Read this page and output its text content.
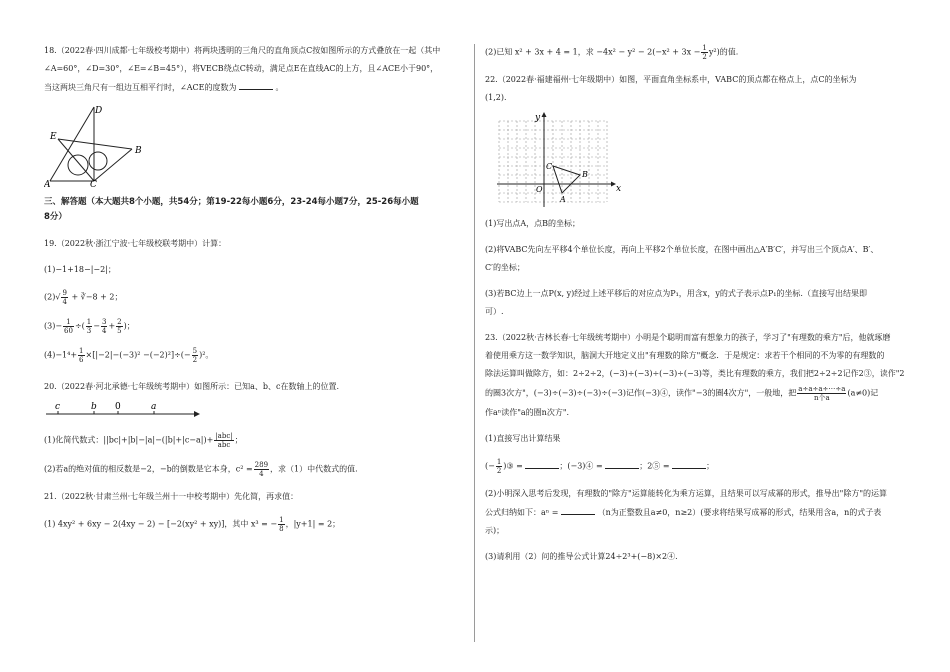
18.（2022春·四川成都·七年级校考期中）将两块透明的三角尺的直角顶点C按如图所示的方式叠放在一起（其中

∠A=60°，∠D=30°，∠E=∠B=45°），将VECB绕点C转动，满足点E在直线AC的上方，且∠ACE小于90°，

当这两块三角尺有一组边互相平行时，∠ACE的度数为	。

D
E
B
A	C

三、解答题（本大题共8个小题，共54分；第19-22每小题6分，23-24每小题7分，25-26每小题

8分）

19.（2022秋·浙江宁波·七年级校联考期中）计算：

(1)−1+18−|−2|；

$(2)√ \frac{9}{4}$ + ∛−8 + 2；

$(3)- \frac{1}{60}$ ÷( $\frac{1}{3} - \frac{3}{4} + \frac{2}{5}$ )；

$(4)-1^4+ \frac{1}{6} \times[|-2|-(-3)^2 -(-2)^2]\div(- \frac{5}{2} )^2$。

20.（2022春·河北承德·七年级统考期中）如图所示：已知a、b、c在数轴上的位置.

c	b 0	a

(1)化简代数式：$||bc|+|b|-|a|-(|b|+|c-a|)+ \frac{\text{|abc|}}{\text{abc}}$ ；

(2)若a的绝对值的相反数是−2，−b的倒数是它本身，$c^2 = \frac{289}{4}$ ，求（1）中代数式的值.

21.（2022秋·甘肃兰州·七年级兰州十一中校考期中）先化简，再求值：

(1) 4xy² + 6xy − 2(4xy − 2) − [−2(xy² + xy)]，其中 x³ = − $\frac{1}{8}$ ，|y+1| = 2；

(2)已知 x² + 3x + 4 = 1，求 $-4x^2 - y^2 - 2(-x^2 + 3x - \frac{1}{2} y^2)$的值.

22.（2022春·福建福州·七年级期中）如图，平面直角坐标系中，VABC的顶点都在格点上，点C的坐标为

(1,2).

y
x
O
A
B
C

(1)写出点A，点B的坐标；

(2)将VABC先向左平移4个单位长度，再向上平移2个单位长度，在图中画出△A′B′C′，并写出三个顶点A′、B′、

C′的坐标；

(3)若BC边上一点P(x, y)经过上述平移后的对应点为P₁，用含x，y的式子表示点P₁的坐标.（直接写出结果即

可）.

23.（2022秋·吉林长春·七年级统考期中）小明是个聪明而富有想象力的孩子，学习了"有理数的乘方"后，他就琢磨

着使用乘方这一数学知识，脑洞大开地定义出"有理数的除方"概念．于是规定：求若干个相同的不为零的有理数的

除法运算叫做除方，如：2÷2÷2，(−3)÷(−3)÷(−3)÷(−3)等，类比有理数的乘方，我们把2÷2÷2记作2③，读作"2

的圈3次方"，(−3)÷(−3)÷(−3)÷(−3)记作(−3)④，读作"−3的圈4次方"，一般地，把 $\frac{a\div a\div a\div\cdots\div a}{\text{n个a}} (a\ne 0)$记

作aⁿ读作"a的圈n次方".

(1)直接写出计算结果

(− $\frac{1}{2}$ )③ =	；(−3)④ =	；2⑤ =	；

(2)小明深入思考后发现，有理数的"除方"运算能转化为乘方运算，且结果可以写成幂的形式，推导出"除方"的运算

公式归纳如下：aⁿ =	（n为正整数且a≠0，n≥2）(要求将结果写成幂的形式，结果用含a，n的式子表

示)；

(3)请利用（2）问的推导公式计算24÷2³+(−8)×2④.
